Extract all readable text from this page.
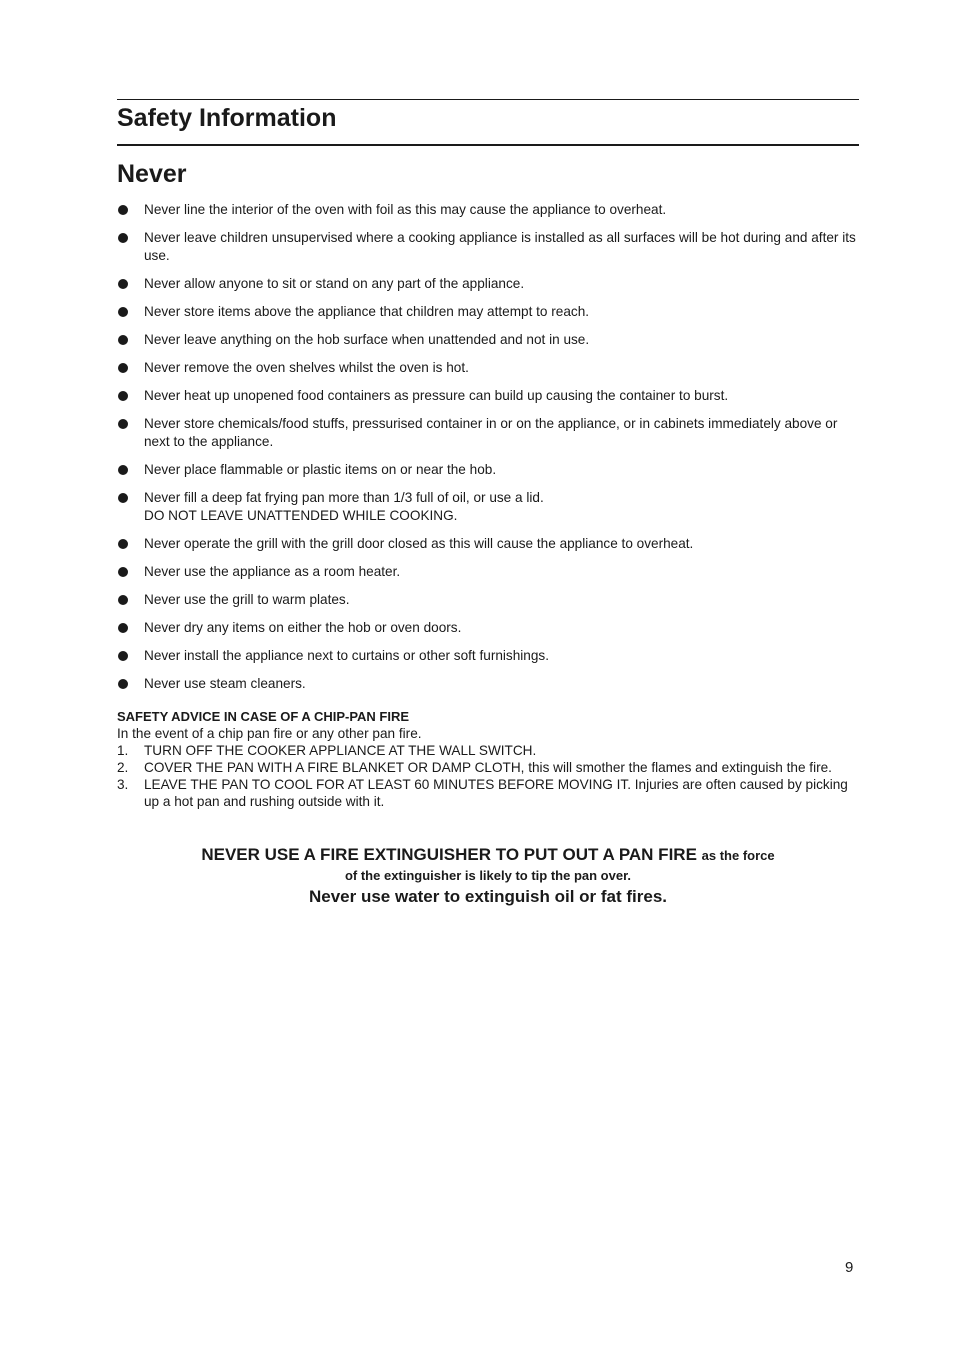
Safety Information
Never
Never line the interior of the oven with foil as this may cause the appliance to overheat.
Never leave children unsupervised where a cooking appliance is installed as all surfaces will be hot during and after its use.
Never allow anyone to sit or stand on any part of the appliance.
Never store items above the appliance that children may attempt to reach.
Never leave anything on the hob surface when unattended and not in use.
Never remove the oven shelves whilst the oven is hot.
Never heat up unopened food containers as pressure can build up causing the container to burst.
Never store chemicals/food stuffs, pressurised container in or on the appliance, or in cabinets immediately above or next to the appliance.
Never place flammable or plastic items on or near the hob.
Never fill a deep fat frying pan more than 1/3 full of oil, or use a lid.
DO NOT LEAVE UNATTENDED WHILE COOKING.
Never operate the grill with the grill door closed as this will cause the appliance to overheat.
Never use the appliance as a room heater.
Never use the grill to warm plates.
Never dry any items on either the hob or oven doors.
Never install the appliance next to curtains or other soft furnishings.
Never use steam cleaners.
SAFETY ADVICE IN CASE OF A CHIP-PAN FIRE
In the event of a chip pan fire or any other pan fire.
1. TURN OFF THE COOKER APPLIANCE AT THE WALL SWITCH.
2. COVER THE PAN WITH A FIRE BLANKET OR DAMP CLOTH, this will smother the flames and extinguish the fire.
3. LEAVE THE PAN TO COOL FOR AT LEAST 60 MINUTES BEFORE MOVING IT. Injuries are often caused by picking up a hot pan and rushing outside with it.
NEVER USE A FIRE EXTINGUISHER TO PUT OUT A PAN FIRE as the force
of the extinguisher is likely to tip the pan over.
Never use water to extinguish oil or fat fires.
9
